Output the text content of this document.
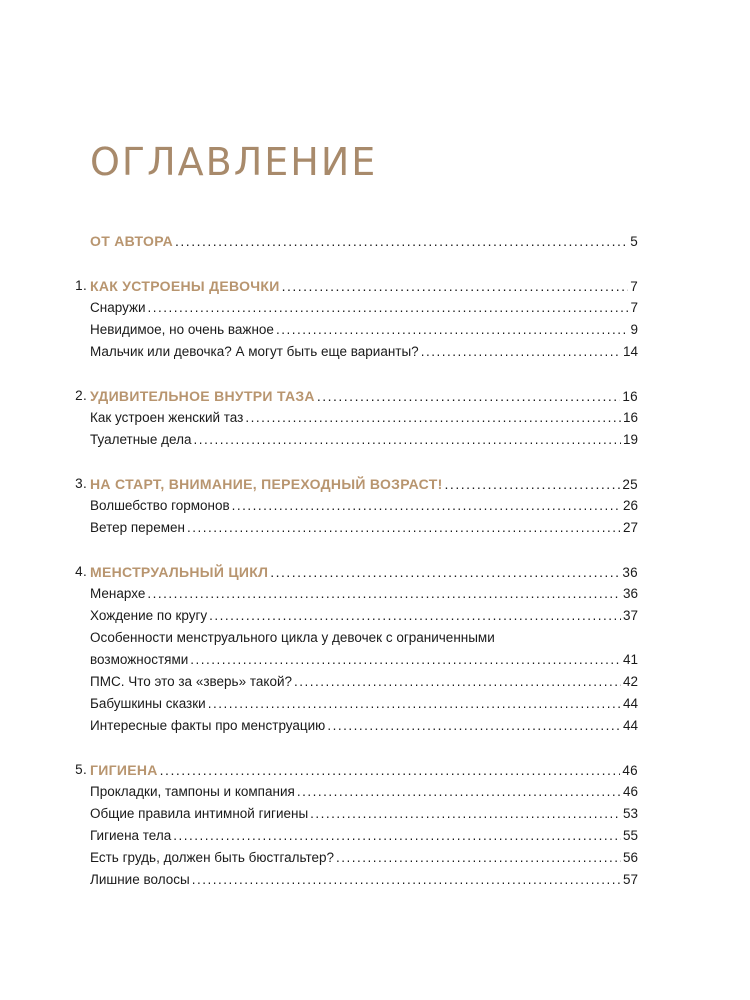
ОГЛАВЛЕНИЕ
ОТ АВТОРА .....	5
1. КАК УСТРОЕНЫ ДЕВОЧКИ .....	7
Снаружи .....	7
Невидимое, но очень важное .....	9
Мальчик или девочка? А могут быть еще варианты? .....	14
2. УДИВИТЕЛЬНОЕ ВНУТРИ ТАЗА .....	16
Как устроен женский таз .....	16
Туалетные дела .....	19
3. НА СТАРТ, ВНИМАНИЕ, ПЕРЕХОДНЫЙ ВОЗРАСТ! .....	25
Волшебство гормонов .....	26
Ветер перемен .....	27
4. МЕНСТРУАЛЬНЫЙ ЦИКЛ .....	36
Менархе .....	36
Хождение по кругу .....	37
Особенности менструального цикла у девочек с ограниченными
возможностями .....	41
ПМС. Что это за «зверь» такой? .....	42
Бабушкины сказки .....	44
Интересные факты про менструацию .....	44
5. ГИГИЕНА .....	46
Прокладки, тампоны и компания .....	46
Общие правила интимной гигиены .....	53
Гигиена тела .....	55
Есть грудь, должен быть бюстгальтер? .....	56
Лишние волосы .....	57
